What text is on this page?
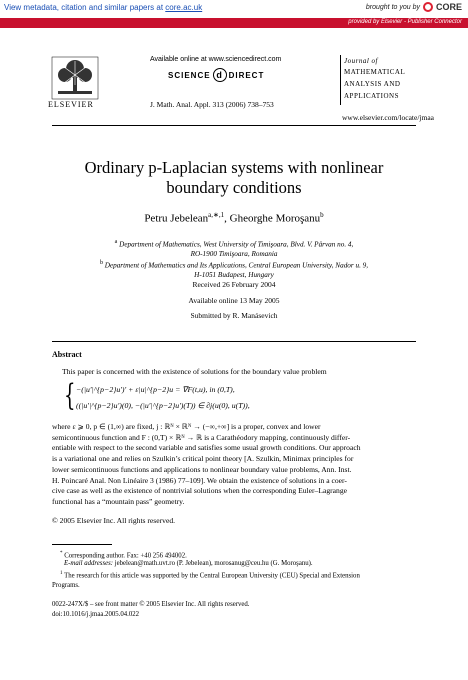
View metadata, citation and similar papers at core.ac.uk	brought to you by CORE
provided by Elsevier - Publisher Connector
ELSEVIER
Available online at www.sciencedirect.com
SCIENCE d DIRECT
J. Math. Anal. Appl. 313 (2006) 738–753
Journal of
MATHEMATICAL
ANALYSIS AND
APPLICATIONS
www.elsevier.com/locate/jmaa
Ordinary p-Laplacian systems with nonlinear
boundary conditions
Petru Jebelean$^{a,∗,1}$, Gheorghe Moroşanu$^b$
$^a$ Department of Mathematics, West University of Timişoara, Blvd. V. Pârvan no. 4,
RO-1900 Timişoara, Romania
$^b$ Department of Mathematics and Its Applications, Central European University, Nador u. 9,
H-1051 Budapest, Hungary
Received 26 February 2004
Available online 13 May 2005
Submitted by R. Manásevich
Abstract
This paper is concerned with the existence of solutions for the boundary value problem
{ −(|u′|^{p−2}u′)′ + ε|u|^{p−2}u = ∇F(t,u), in (0,T),
((|u′|^{p−2}u′)(0), −(|u′|^{p−2}u′)(T)) ∈ ∂j(u(0), u(T)),
where ε ⩾ 0, p ∈ (1,∞) are fixed, j : ℝᴺ × ℝᴺ → (−∞,+∞] is a proper, convex and lower
semicontinuous function and F : (0,T) × ℝᴺ → ℝ is a Carathéodory mapping, continuously differ-
entiable with respect to the second variable and satisfies some usual growth conditions. Our approach
is a variational one and relies on Szulkin’s critical point theory [A. Szulkin, Minimax principles for
lower semicontinuous functions and applications to nonlinear boundary value problems, Ann. Inst.
H. Poincaré Anal. Non Linéaire 3 (1986) 77–109]. We obtain the existence of solutions in a coer-
cive case as well as the existence of nontrivial solutions when the corresponding Euler–Lagrange
functional has a “mountain pass” geometry.
© 2005 Elsevier Inc. All rights reserved.
* Corresponding author. Fax: +40 256 494002.
E-mail addresses: jebelean@math.uvt.ro (P. Jebelean), morosanug@ceu.hu (G. Moroşanu).
$^1$ The research for this article was supported by the Central European University (CEU) Special and Extension
Programs.
0022-247X/$ – see front matter © 2005 Elsevier Inc. All rights reserved.
doi:10.1016/j.jmaa.2005.04.022
